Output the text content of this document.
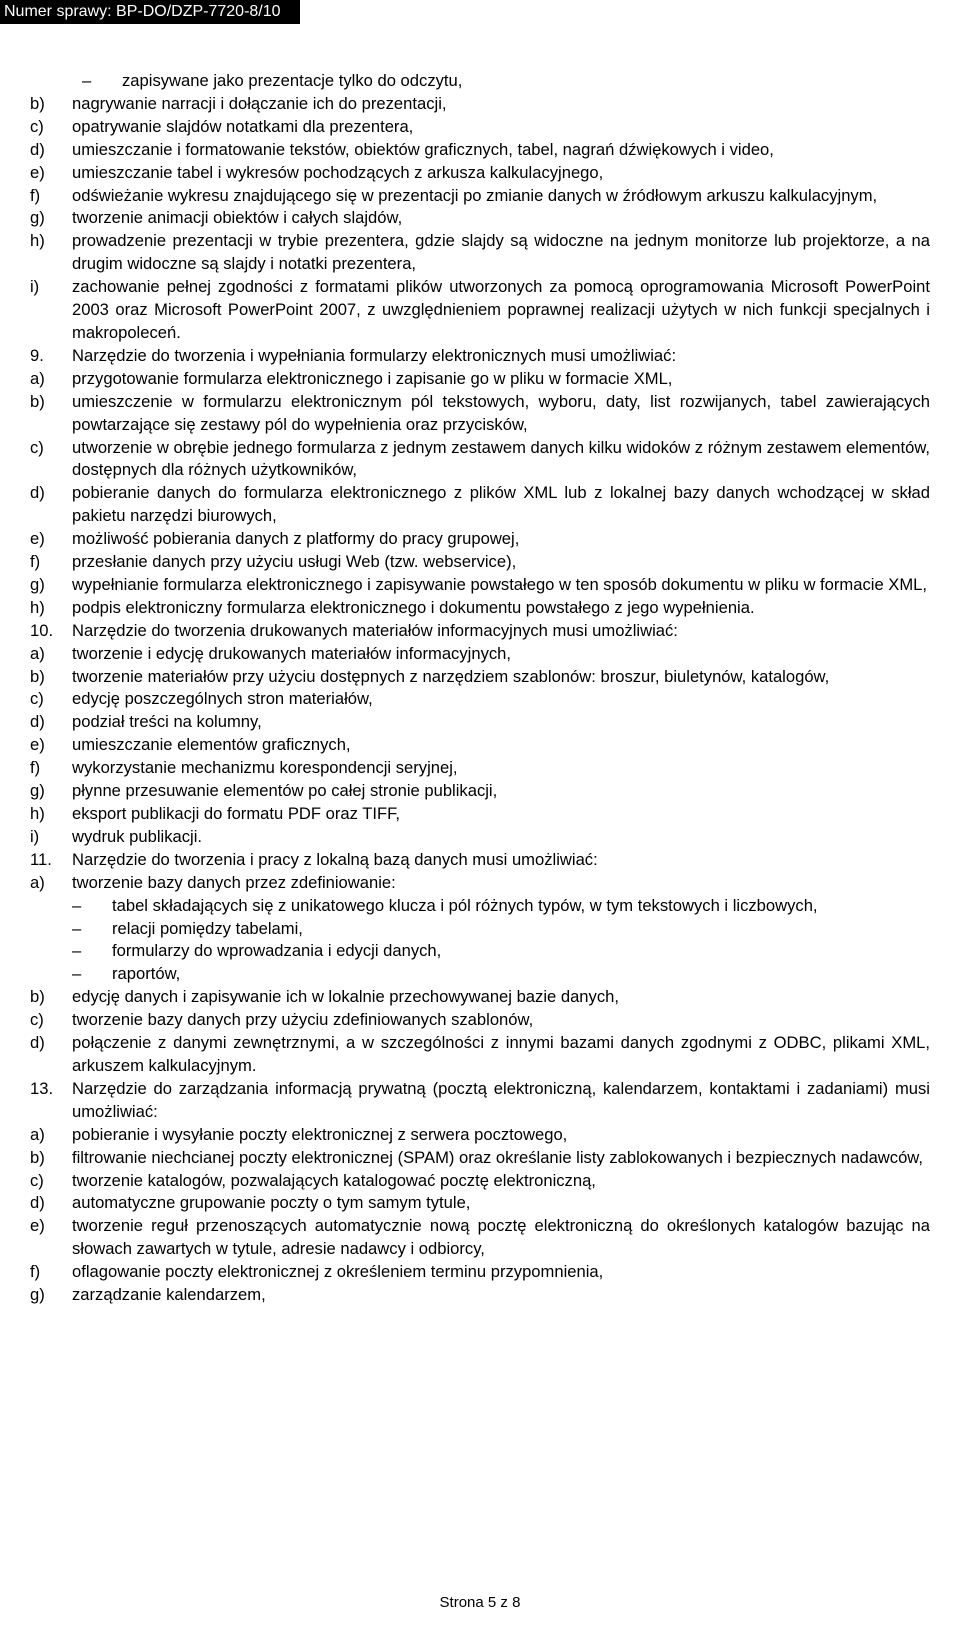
Numer sprawy: BP-DO/DZP-7720-8/10
–	zapisywane jako prezentacje tylko do odczytu,
b)	nagrywanie narracji i dołączanie ich do prezentacji,
c)	opatrywanie slajdów notatkami dla prezentera,
d)	umieszczanie i formatowanie tekstów, obiektów graficznych, tabel, nagrań dźwiękowych i video,
e)	umieszczanie tabel i wykresów pochodzących z arkusza kalkulacyjnego,
f)	odświeżanie wykresu znajdującego się w prezentacji po zmianie danych w źródłowym arkuszu kalkulacyjnym,
g)	tworzenie animacji obiektów i całych slajdów,
h)	prowadzenie prezentacji w trybie prezentera, gdzie slajdy są widoczne na jednym monitorze lub projektorze, a na drugim widoczne są slajdy i notatki prezentera,
i)	zachowanie pełnej zgodności z formatami plików utworzonych za pomocą oprogramowania Microsoft PowerPoint 2003 oraz Microsoft PowerPoint 2007, z uwzględnieniem poprawnej realizacji użytych w nich funkcji specjalnych i makropoleceń.
9.	Narzędzie do tworzenia i wypełniania formularzy elektronicznych musi umożliwiać:
a)	przygotowanie formularza elektronicznego i zapisanie go w pliku w formacie XML,
b)	umieszczenie w formularzu elektronicznym pól tekstowych, wyboru, daty, list rozwijanych, tabel zawierających powtarzające się zestawy pól do wypełnienia oraz przycisków,
c)	utworzenie w obrębie jednego formularza z jednym zestawem danych kilku widoków z różnym zestawem elementów, dostępnych dla różnych użytkowników,
d)	pobieranie danych do formularza elektronicznego z plików XML lub z lokalnej bazy danych wchodzącej w skład pakietu narzędzi biurowych,
e)	możliwość pobierania danych z platformy do pracy grupowej,
f)	przesłanie danych przy użyciu usługi Web (tzw. webservice),
g)	wypełnianie formularza elektronicznego i zapisywanie powstałego w ten sposób dokumentu w pliku w formacie XML,
h)	podpis elektroniczny formularza elektronicznego i dokumentu powstałego z jego wypełnienia.
10.	Narzędzie do tworzenia drukowanych materiałów informacyjnych musi umożliwiać:
a)	tworzenie i edycję drukowanych materiałów informacyjnych,
b)	tworzenie materiałów przy użyciu dostępnych z narzędziem szablonów: broszur, biuletynów, katalogów,
c)	edycję poszczególnych stron materiałów,
d)	podział treści na kolumny,
e)	umieszczanie elementów graficznych,
f)	wykorzystanie mechanizmu korespondencji seryjnej,
g)	płynne przesuwanie elementów po całej stronie publikacji,
h)	eksport publikacji do formatu PDF oraz TIFF,
i)	wydruk publikacji.
11.	Narzędzie do tworzenia i pracy z lokalną bazą danych musi umożliwiać:
a)	tworzenie bazy danych przez zdefiniowanie:
–	tabel składających się z unikatowego klucza i pól różnych typów, w tym tekstowych i liczbowych,
–	relacji pomiędzy tabelami,
–	formularzy do wprowadzania i edycji danych,
–	raportów,
b)	edycję danych i zapisywanie ich w lokalnie przechowywanej bazie danych,
c)	tworzenie bazy danych przy użyciu zdefiniowanych szablonów,
d)	połączenie z danymi zewnętrznymi, a w szczególności z innymi bazami danych zgodnymi z ODBC, plikami XML, arkuszem kalkulacyjnym.
13.	Narzędzie do zarządzania informacją prywatną (pocztą elektroniczną, kalendarzem, kontaktami i zadaniami) musi umożliwiać:
a)	pobieranie i wysyłanie poczty elektronicznej z serwera pocztowego,
b)	filtrowanie niechcianej poczty elektronicznej (SPAM) oraz określanie listy zablokowanych i bezpiecznych nadawców,
c)	tworzenie katalogów, pozwalających katalogować pocztę elektroniczną,
d)	automatyczne grupowanie poczty o tym samym tytule,
e)	tworzenie reguł przenoszących automatycznie nową pocztę elektroniczną do określonych katalogów bazując na słowach zawartych w tytule, adresie nadawcy i odbiorcy,
f)	oflagowanie poczty elektronicznej z określeniem terminu przypomnienia,
g)	zarządzanie kalendarzem,
Strona 5 z 8
